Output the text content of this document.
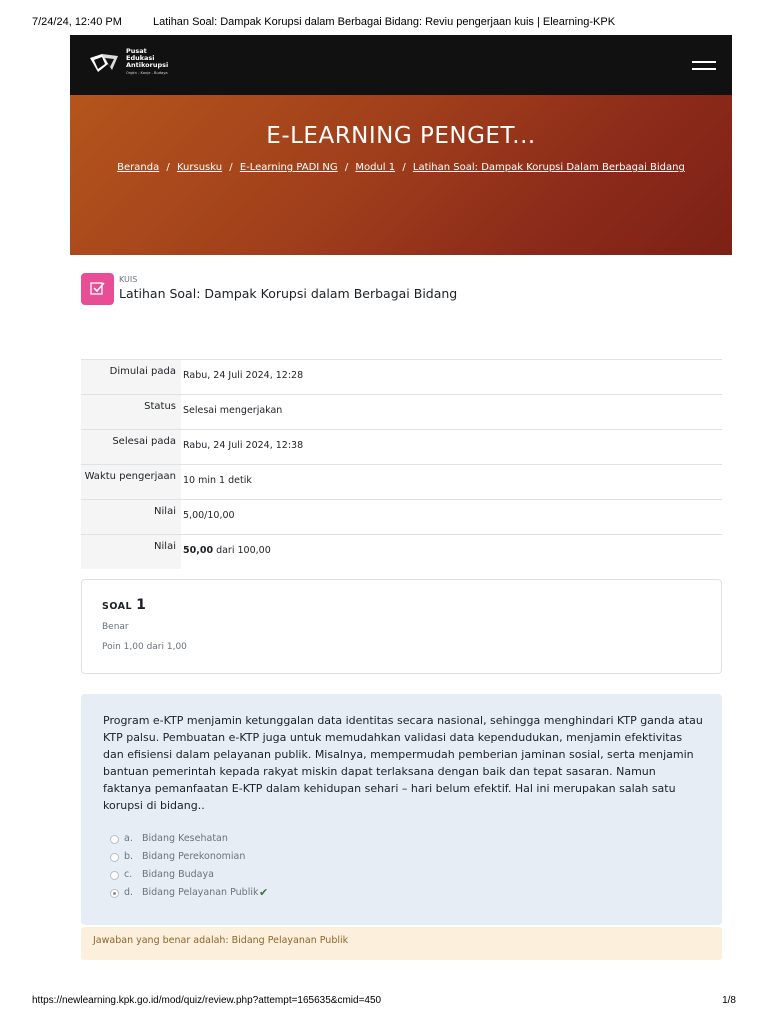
7/24/24, 12:40 PM	Latihan Soal: Dampak Korupsi dalam Berbagai Bidang: Reviu pengerjaan kuis | Elearning-KPK
Pusat
Edukasi
Antikorupsi
Orgkn - Kanje - Budaya
E-LEARNING PENGET...
Beranda / Kursusku / E-Learning PADI NG / Modul 1 / Latihan Soal: Dampak Korupsi Dalam Berbagai Bidang
KUIS
Latihan Soal: Dampak Korupsi dalam Berbagai Bidang
Dimulai pada Rabu, 24 Juli 2024, 12:28
Status Selesai mengerjakan
Selesai pada Rabu, 24 Juli 2024, 12:38
Waktu pengerjaan 10 min 1 detik
Nilai 5,00/10,00
Nilai 50,00 dari 100,00
SOAL 1
Benar
Poin 1,00 dari 1,00
Program e-KTP menjamin ketunggalan data identitas secara nasional, sehingga menghindari KTP ganda atau KTP palsu. Pembuatan e-KTP juga untuk memudahkan validasi data kependudukan, menjamin efektivitas dan efisiensi dalam pelayanan publik. Misalnya, mempermudah pemberian jaminan sosial, serta menjamin bantuan pemerintah kepada rakyat miskin dapat terlaksana dengan baik dan tepat sasaran. Namun faktanya pemanfaatan E-KTP dalam kehidupan sehari – hari belum efektif. Hal ini merupakan salah satu korupsi di bidang..
a. Bidang Kesehatan
b. Bidang Perekonomian
c. Bidang Budaya
d. Bidang Pelayanan Publik ✔
Jawaban yang benar adalah: Bidang Pelayanan Publik
https://newlearning.kpk.go.id/mod/quiz/review.php?attempt=165635&cmid=450	1/8
